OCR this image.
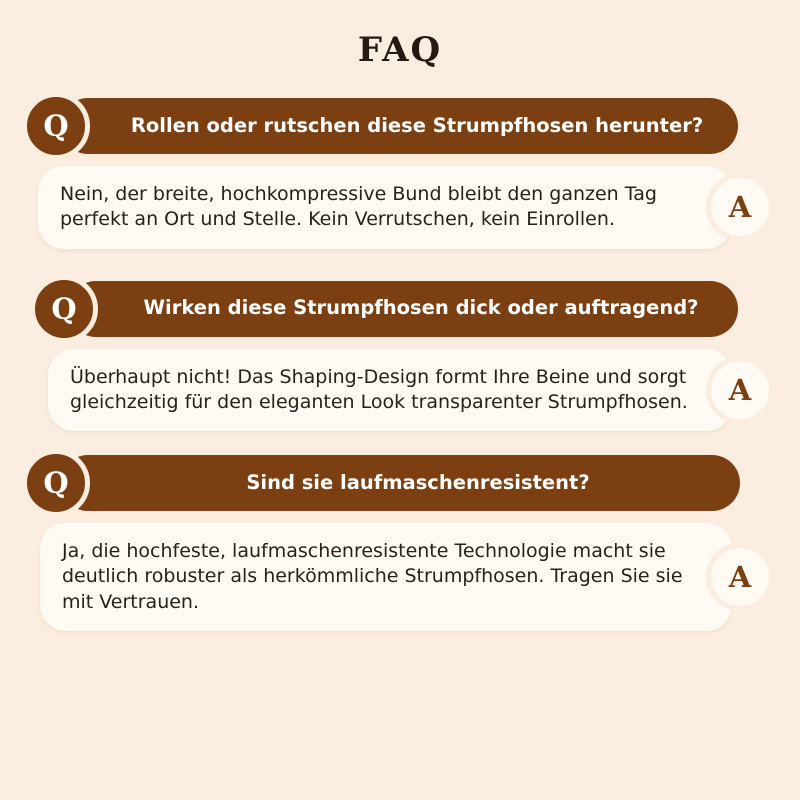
FAQ
Rollen oder rutschen diese Strumpfhosen herunter?
Q
Nein, der breite, hochkompressive Bund bleibt den ganzen Tag perfekt an Ort und Stelle. Kein Verrutschen, kein Einrollen.	A
Wirken diese Strumpfhosen dick oder auftragend?
Q
Überhaupt nicht! Das Shaping-Design formt Ihre Beine und sorgt gleichzeitig für den eleganten Look transparenter Strumpfhosen.	A
Sind sie laufmaschenresistent?
Q
Ja, die hochfeste, laufmaschenresistente Technologie macht sie deutlich robuster als herkömmliche Strumpfhosen. Tragen Sie sie mit Vertrauen.
A
